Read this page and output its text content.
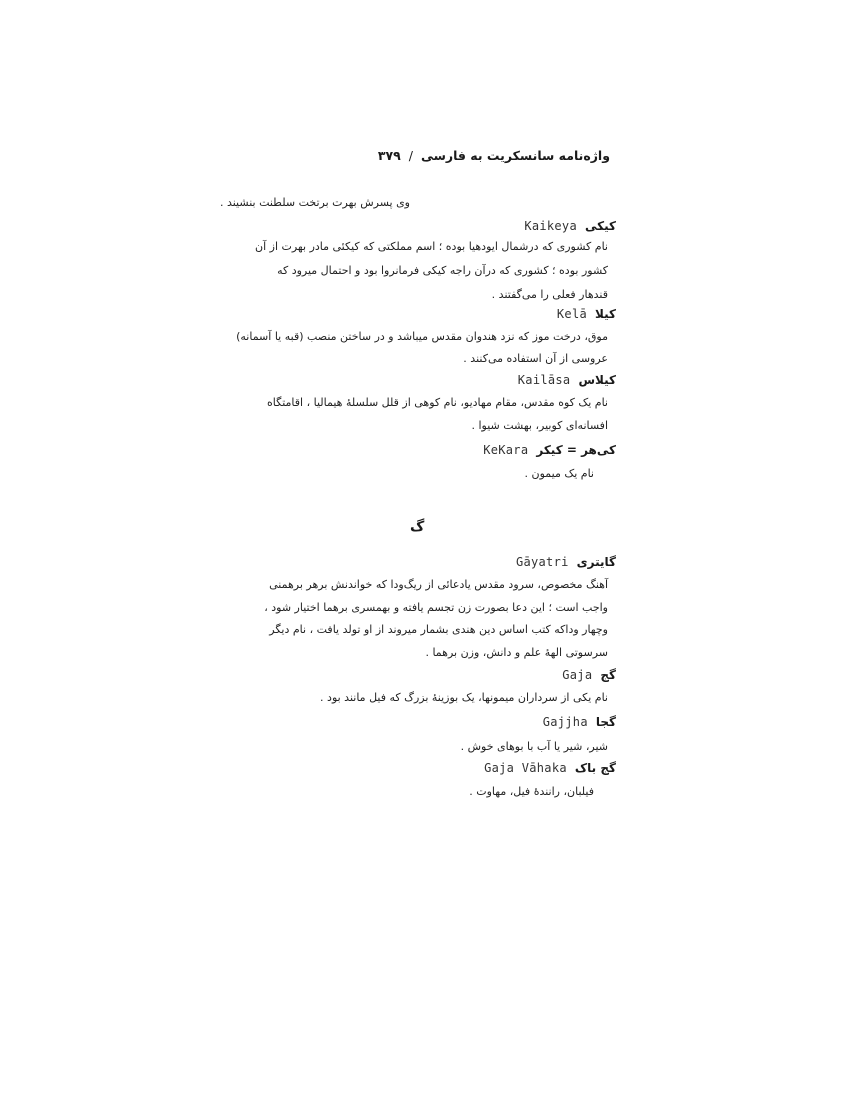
واژه‌نامه سانسکریت به فارسی
/
۳۷۹
وی پسرش بهرت برتخت سلطنت بنشیند .
کیکی
Kaikeya
نام کشوری که درشمال ایودهیا بوده ؛ اسم مملکتی که کیکئی مادر بهرت از آن
کشور بوده ؛ کشوری که درآن راجه کیکی فرمانروا بود و احتمال میرود که
قندهار فعلی را می‌گفتند .
کیلا
Kelā
موق، درخت موز که نزد هندوان مقدس میباشد و در ساختن منصب (قبه یا آسمانه)
عروسی از آن استفاده می‌کنند .
کیلاس
Kailāsa
نام یک کوه مقدس، مقام مهادیو، نام کوهی از قلل سلسلهٔ هیمالیا ، اقامتگاه
افسانه‌ای کوبیر، بهشت شیوا .
کی‌هر = کیکر
KeKara
نام یک میمون .
گ
گایتری
Gāyatri
آهنگ مخصوص، سرود مقدس یادعائی از ریگ‌ودا که خواندنش برهر برهمنی
واجب است ؛ این دعا بصورت زن تجسم یافته و بهمسری برهما اختیار شود ،
وچهار وداکه کتب اساس دین هندی بشمار میروند از او تولد یافت ، نام دیگر
سرسوتی الههٔ علم و دانش، وزن برهما .
گج
Gaja
نام یکی از سرداران میمونها، یک بوزینهٔ بزرگ که فیل مانند بود .
گجا
Gajjha
شیر، شیر یا آب با بوهای خوش .
گج باک
Gaja Vāhaka
فیلبان، رانندهٔ فیل، مهاوت .
